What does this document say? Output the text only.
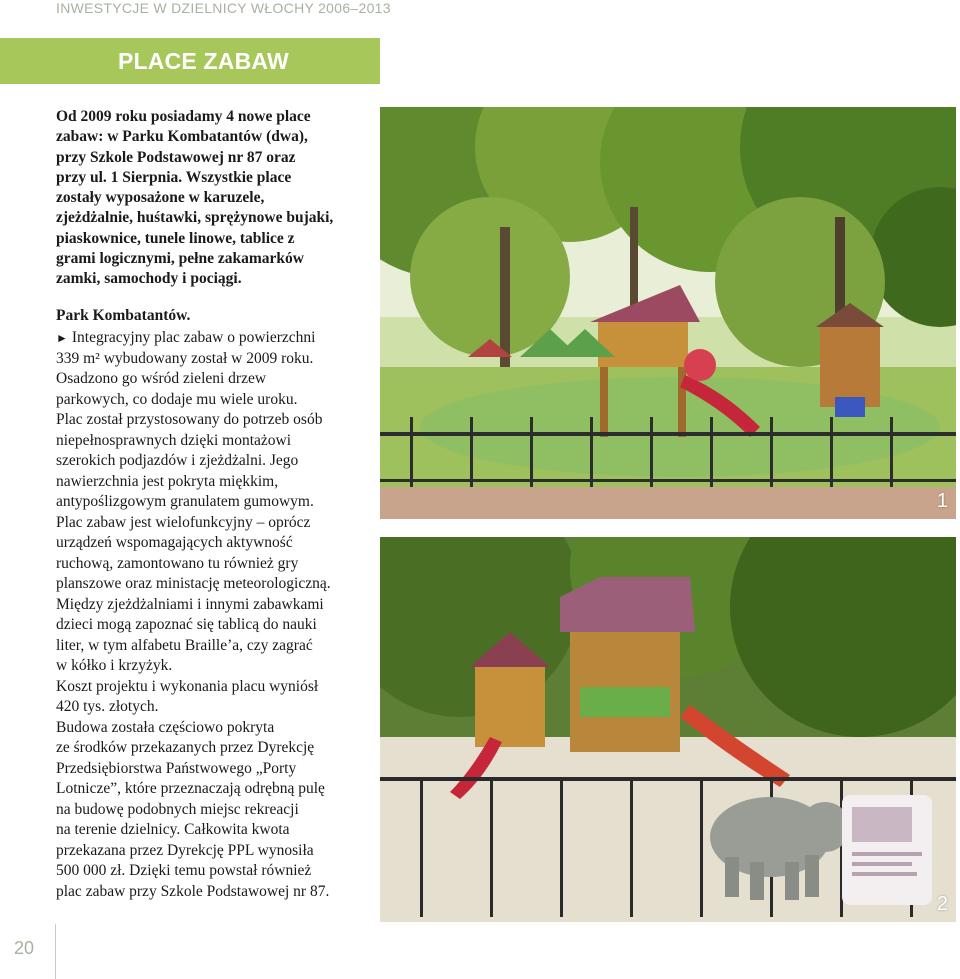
INWESTYCJE W DZIELNICY WŁOCHY 2006–2013
PLACE ZABAW

Od 2009 roku posiadamy 4 nowe place

zabaw: w Parku Kombatantów (dwa),

przy Szkole Podstawowej nr 87 oraz

przy ul. 1 Sierpnia. Wszystkie place

zostały wyposażone w karuzele,

zjeżdżalnie, huśtawki, sprężynowe bujaki,

piaskownice, tunele linowe, tablice z

grami logicznymi, pełne zakamarków

zamki, samochody i pociągi.

Park Kombatantów.

► Integracyjny plac zabaw o powierzchni

339 m² wybudowany został w 2009 roku.

Osadzono go wśród zieleni drzew

parkowych, co dodaje mu wiele uroku.

Plac został przystosowany do potrzeb osób

niepełnosprawnych dzięki montażowi

szerokich podjazdów i zjeżdżalni. Jego

nawierzchnia jest pokryta miękkim,

antypoślizgowym granulatem gumowym.

Plac zabaw jest wielofunkcyjny – oprócz

urządzeń wspomagających aktywność

ruchową, zamontowano tu również gry

planszowe oraz ministację meteorologiczną.

Między zjeżdżalniami i innymi zabawkami

dzieci mogą zapoznać się tablicą do nauki

liter, w tym alfabetu Braille’a, czy zagrać

w kółko i krzyżyk.

Koszt projektu i wykonania placu wyniósł

420 tys. złotych.

Budowa została częściowo pokryta

ze środków przekazanych przez Dyrekcję

Przedsiębiorstwa Państwowego „Porty

Lotnicze”, które przeznaczają odrębną pulę

na budowę podobnych miejsc rekreacji

na terenie dzielnicy. Całkowita kwota

przekazana przez Dyrekcję PPL wynosiła

500 000 zł. Dzięki temu powstał również

plac zabaw przy Szkole Podstawowej nr 87.

1
2
20
